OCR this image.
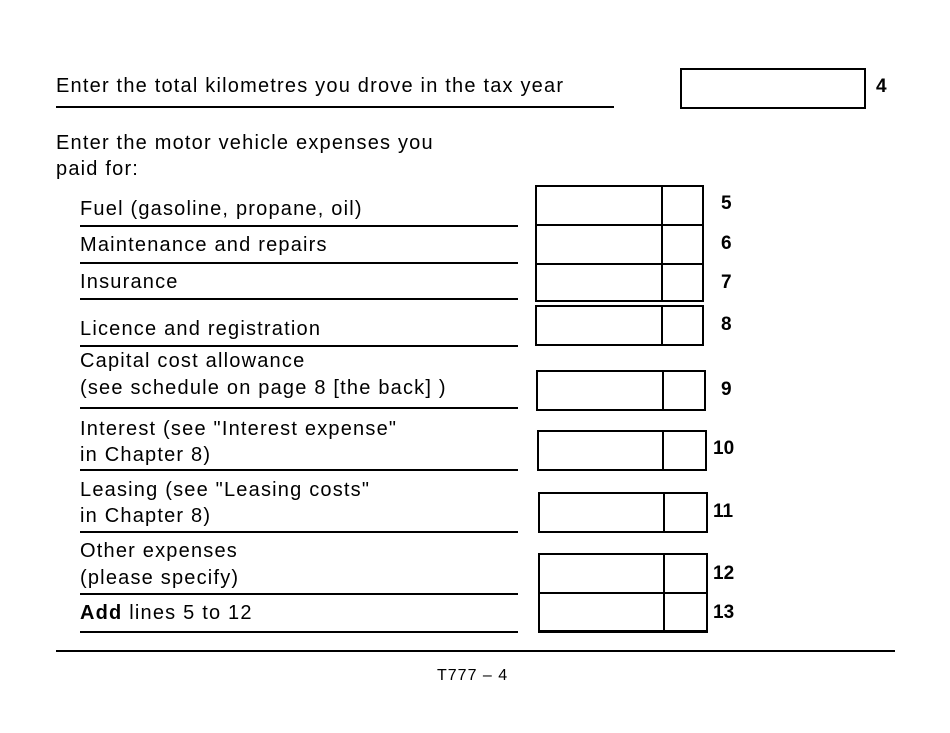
Enter the total kilometres you drove in the tax year	4
Enter the motor vehicle expenses you
paid for:
Fuel (gasoline, propane, oil)	5
Maintenance and repairs	6
Insurance	7
Licence and registration	8
Capital cost allowance
(see schedule on page 8 [the back] )	9
Interest (see "Interest expense"
in Chapter 8)	10
Leasing (see "Leasing costs"
in Chapter 8)	11
Other expenses
(please specify)	12
Add lines 5 to 12	13
T777 – 4
